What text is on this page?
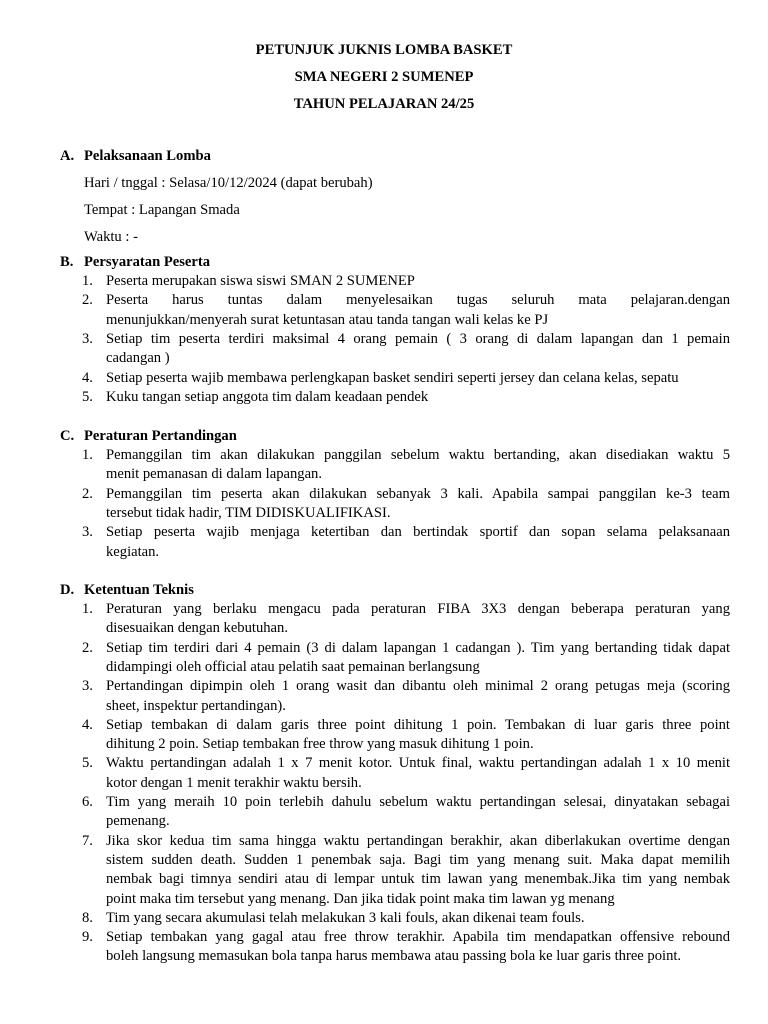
PETUNJUK JUKNIS LOMBA BASKET
SMA NEGERI 2 SUMENEP
TAHUN PELAJARAN 24/25
A. Pelaksanaan Lomba
Hari / tnggal : Selasa/10/12/2024 (dapat berubah)
Tempat : Lapangan Smada
Waktu : -
B. Persyaratan Peserta
1. Peserta merupakan siswa siswi SMAN 2 SUMENEP
2. Peserta harus tuntas dalam menyelesaikan tugas seluruh mata pelajaran.dengan
menunjukkan/menyerah surat ketuntasan atau tanda tangan wali kelas ke PJ
3. Setiap tim peserta terdiri maksimal 4 orang pemain ( 3 orang di dalam lapangan dan 1 pemain
cadangan )
4. Setiap peserta wajib membawa perlengkapan basket sendiri seperti jersey dan celana kelas, sepatu
5. Kuku tangan setiap anggota tim dalam keadaan pendek
C. Peraturan Pertandingan
1. Pemanggilan tim akan dilakukan panggilan sebelum waktu bertanding, akan disediakan waktu 5
menit pemanasan di dalam lapangan.
2. Pemanggilan tim peserta akan dilakukan sebanyak 3 kali. Apabila sampai panggilan ke-3 team
tersebut tidak hadir, TIM DIDISKUALIFIKASI.
3. Setiap peserta wajib menjaga ketertiban dan bertindak sportif dan sopan selama pelaksanaan
kegiatan.
D. Ketentuan Teknis
1. Peraturan yang berlaku mengacu pada peraturan FIBA 3X3 dengan beberapa peraturan yang
disesuaikan dengan kebutuhan.
2. Setiap tim terdiri dari 4 pemain (3 di dalam lapangan 1 cadangan ). Tim yang bertanding tidak dapat
didampingi oleh official atau pelatih saat pemainan berlangsung
3. Pertandingan dipimpin oleh 1 orang wasit dan dibantu oleh minimal 2 orang petugas meja (scoring
sheet, inspektur pertandingan).
4. Setiap tembakan di dalam garis three point dihitung 1 poin. Tembakan di luar garis three point
dihitung 2 poin. Setiap tembakan free throw yang masuk dihitung 1 poin.
5. Waktu pertandingan adalah 1 x 7 menit kotor. Untuk final, waktu pertandingan adalah 1 x 10 menit
kotor dengan 1 menit terakhir waktu bersih.
6. Tim yang meraih 10 poin terlebih dahulu sebelum waktu pertandingan selesai, dinyatakan sebagai
pemenang.
7. Jika skor kedua tim sama hingga waktu pertandingan berakhir, akan diberlakukan overtime dengan
sistem sudden death. Sudden 1 penembak saja. Bagi tim yang menang suit. Maka dapat memilih
nembak bagi timnya sendiri atau di lempar untuk tim lawan yang menembak.Jika tim yang nembak
point maka tim tersebut yang menang. Dan jika tidak point maka tim lawan yg menang
8. Tim yang secara akumulasi telah melakukan 3 kali fouls, akan dikenai team fouls.
9. Setiap tembakan yang gagal atau free throw terakhir. Apabila tim mendapatkan offensive rebound
boleh langsung memasukan bola tanpa harus membawa atau passing bola ke luar garis three point.
